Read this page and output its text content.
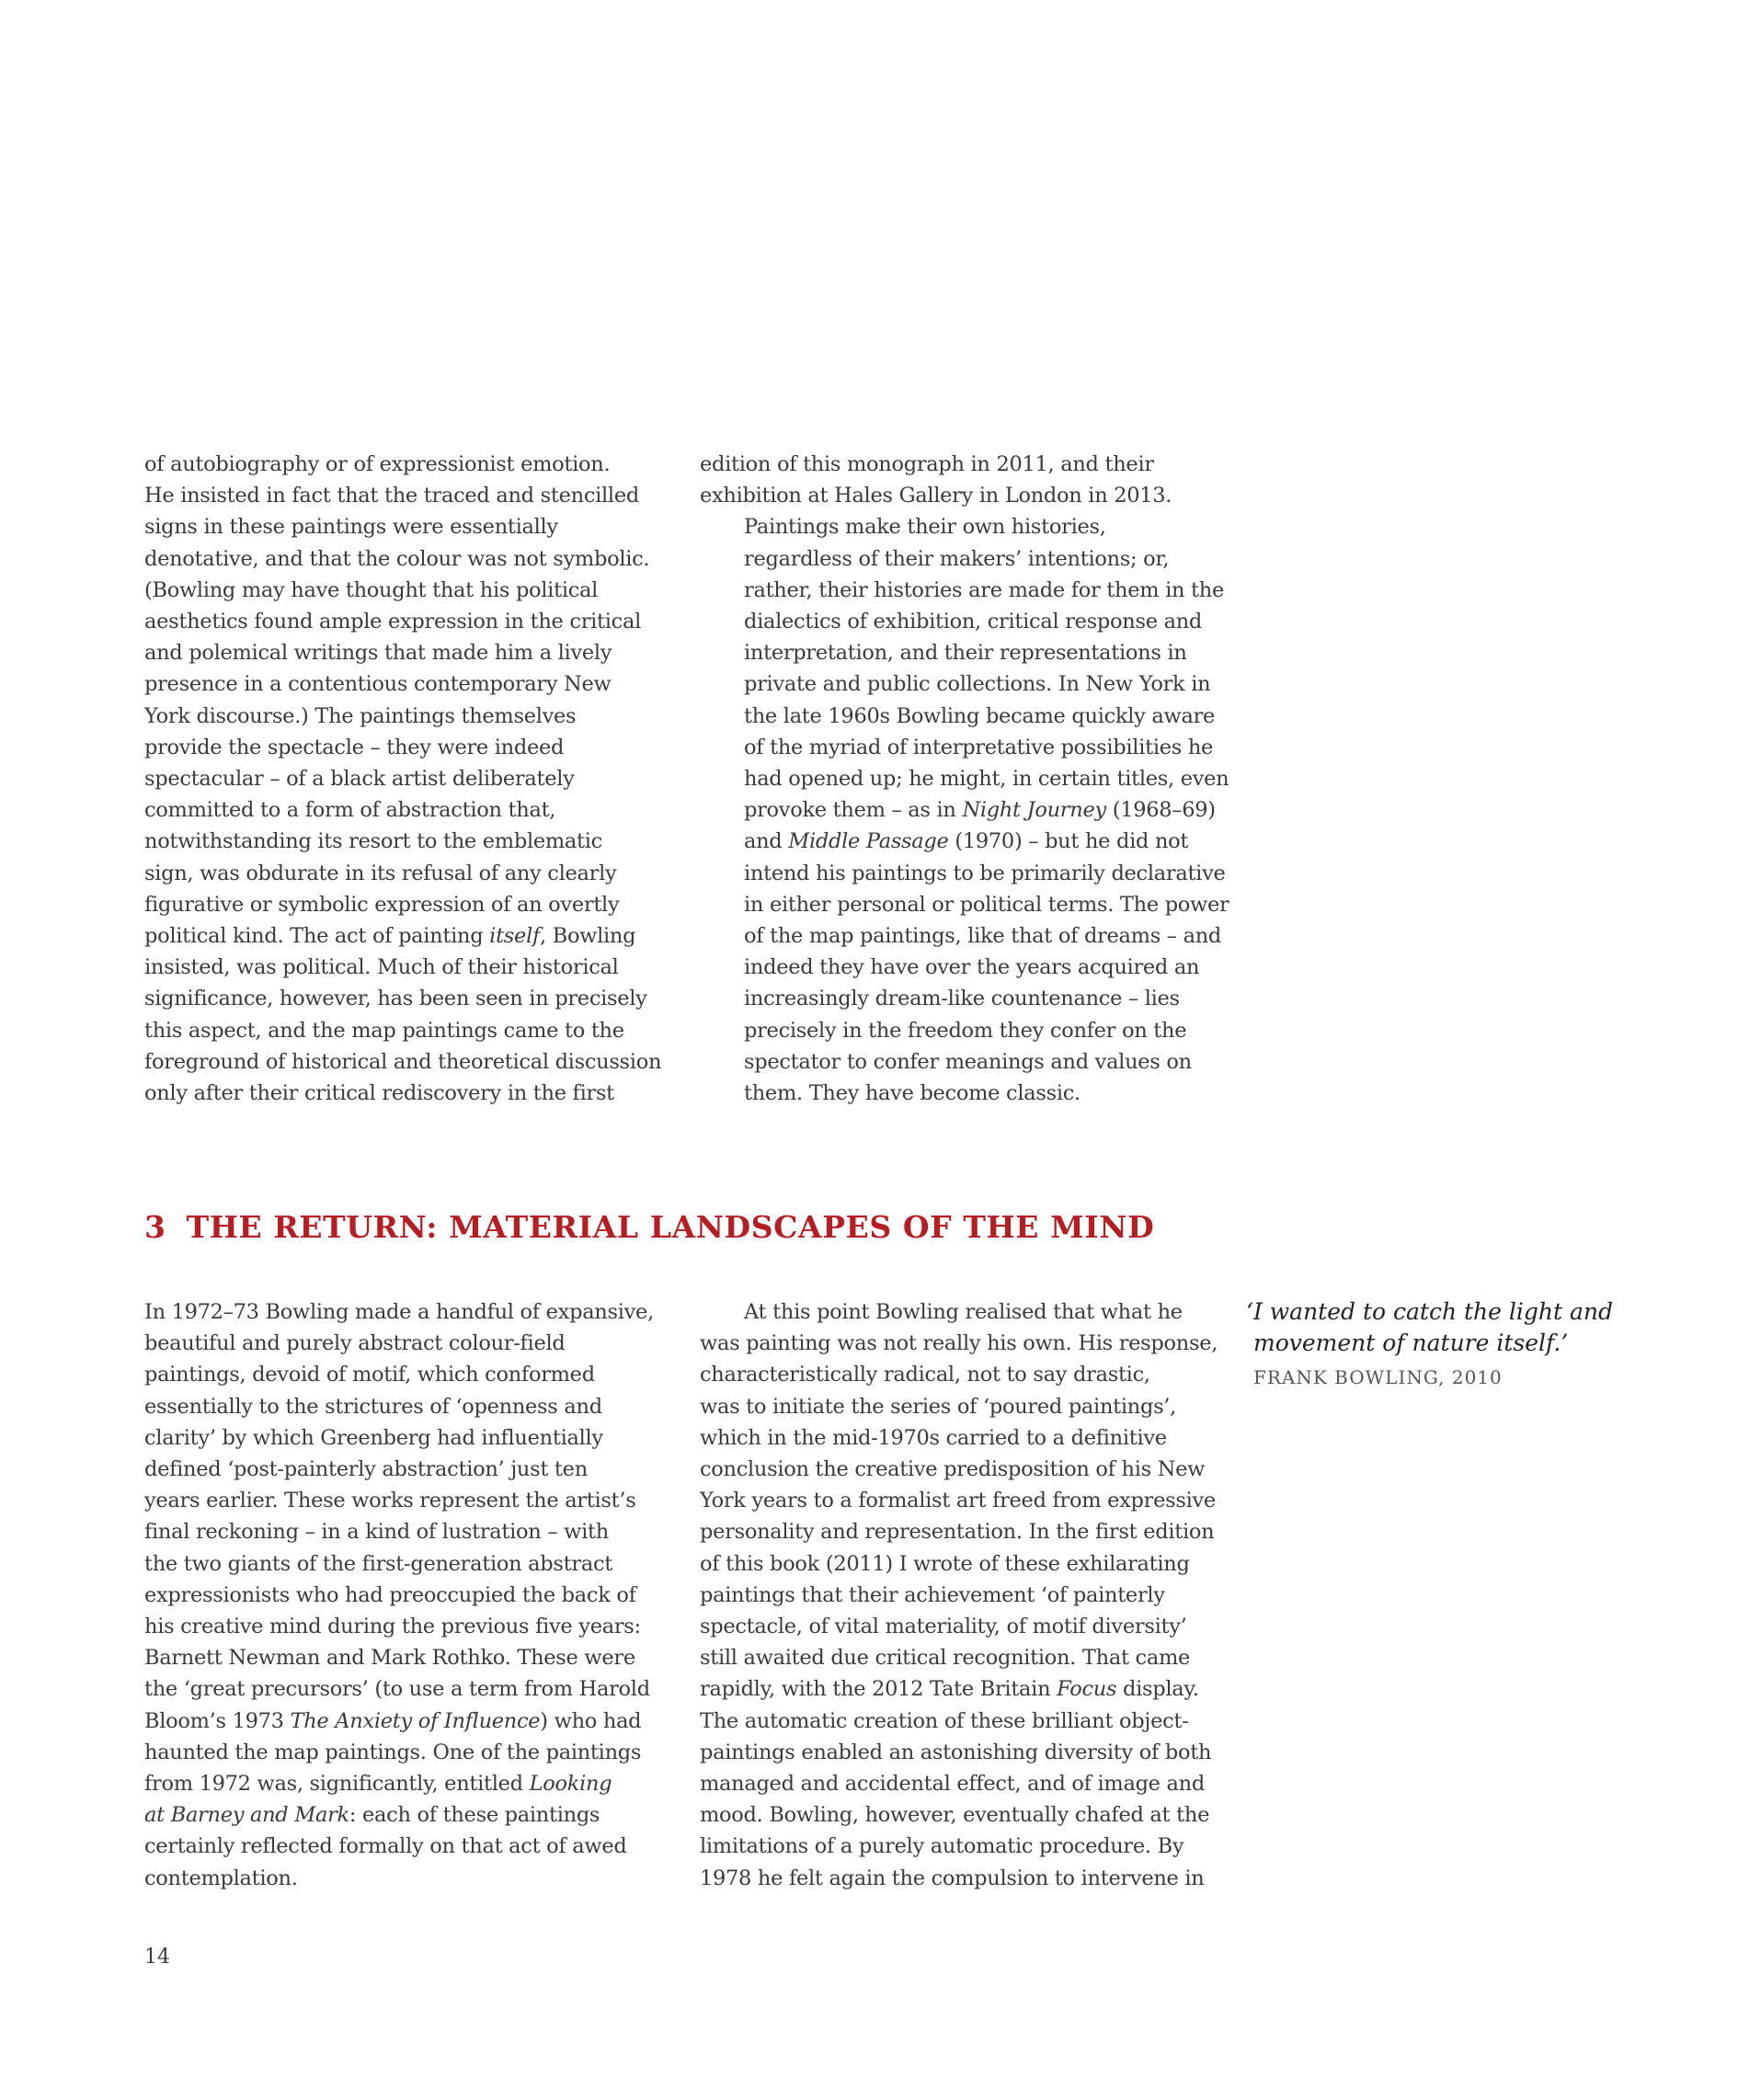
of autobiography or of expressionist emotion.
He insisted in fact that the traced and stencilled
signs in these paintings were essentially
denotative, and that the colour was not symbolic.
(Bowling may have thought that his political
aesthetics found ample expression in the critical
and polemical writings that made him a lively
presence in a contentious contemporary New
York discourse.) The paintings themselves
provide the spectacle – they were indeed
spectacular – of a black artist deliberately
committed to a form of abstraction that,
notwithstanding its resort to the emblematic
sign, was obdurate in its refusal of any clearly
figurative or symbolic expression of an overtly
political kind. The act of painting itself, Bowling
insisted, was political. Much of their historical
significance, however, has been seen in precisely
this aspect, and the map paintings came to the
foreground of historical and theoretical discussion
only after their critical rediscovery in the first

edition of this monograph in 2011, and their
exhibition at Hales Gallery in London in 2013.

Paintings make their own histories,
regardless of their makers’ intentions; or,
rather, their histories are made for them in the
dialectics of exhibition, critical response and
interpretation, and their representations in
private and public collections. In New York in
the late 1960s Bowling became quickly aware
of the myriad of interpretative possibilities he
had opened up; he might, in certain titles, even
provoke them – as in Night Journey (1968–69)
and Middle Passage (1970) – but he did not
intend his paintings to be primarily declarative
in either personal or political terms. The power
of the map paintings, like that of dreams – and
indeed they have over the years acquired an
increasingly dream-like countenance – lies
precisely in the freedom they confer on the
spectator to confer meanings and values on
them. They have become classic.

3 THE RETURN: MATERIAL LANDSCAPES OF THE MIND

In 1972–73 Bowling made a handful of expansive,
beautiful and purely abstract colour-field
paintings, devoid of motif, which conformed
essentially to the strictures of ‘openness and
clarity’ by which Greenberg had influentially
defined ‘post-painterly abstraction’ just ten
years earlier. These works represent the artist’s
final reckoning – in a kind of lustration – with
the two giants of the first-generation abstract
expressionists who had preoccupied the back of
his creative mind during the previous five years:
Barnett Newman and Mark Rothko. These were
the ‘great precursors’ (to use a term from Harold
Bloom’s 1973 The Anxiety of Influence) who had
haunted the map paintings. One of the paintings
from 1972 was, significantly, entitled Looking
at Barney and Mark: each of these paintings
certainly reflected formally on that act of awed
contemplation.

At this point Bowling realised that what he
was painting was not really his own. His response,
characteristically radical, not to say drastic,
was to initiate the series of ‘poured paintings’,
which in the mid-1970s carried to a definitive
conclusion the creative predisposition of his New
York years to a formalist art freed from expressive
personality and representation. In the first edition
of this book (2011) I wrote of these exhilarating
paintings that their achievement ‘of painterly
spectacle, of vital materiality, of motif diversity’
still awaited due critical recognition. That came
rapidly, with the 2012 Tate Britain Focus display.
The automatic creation of these brilliant object-
paintings enabled an astonishing diversity of both
managed and accidental effect, and of image and
mood. Bowling, however, eventually chafed at the
limitations of a purely automatic procedure. By
1978 he felt again the compulsion to intervene in

‘I wanted to catch the light and
movement of nature itself.’

FRANK BOWLING, 2010

14
